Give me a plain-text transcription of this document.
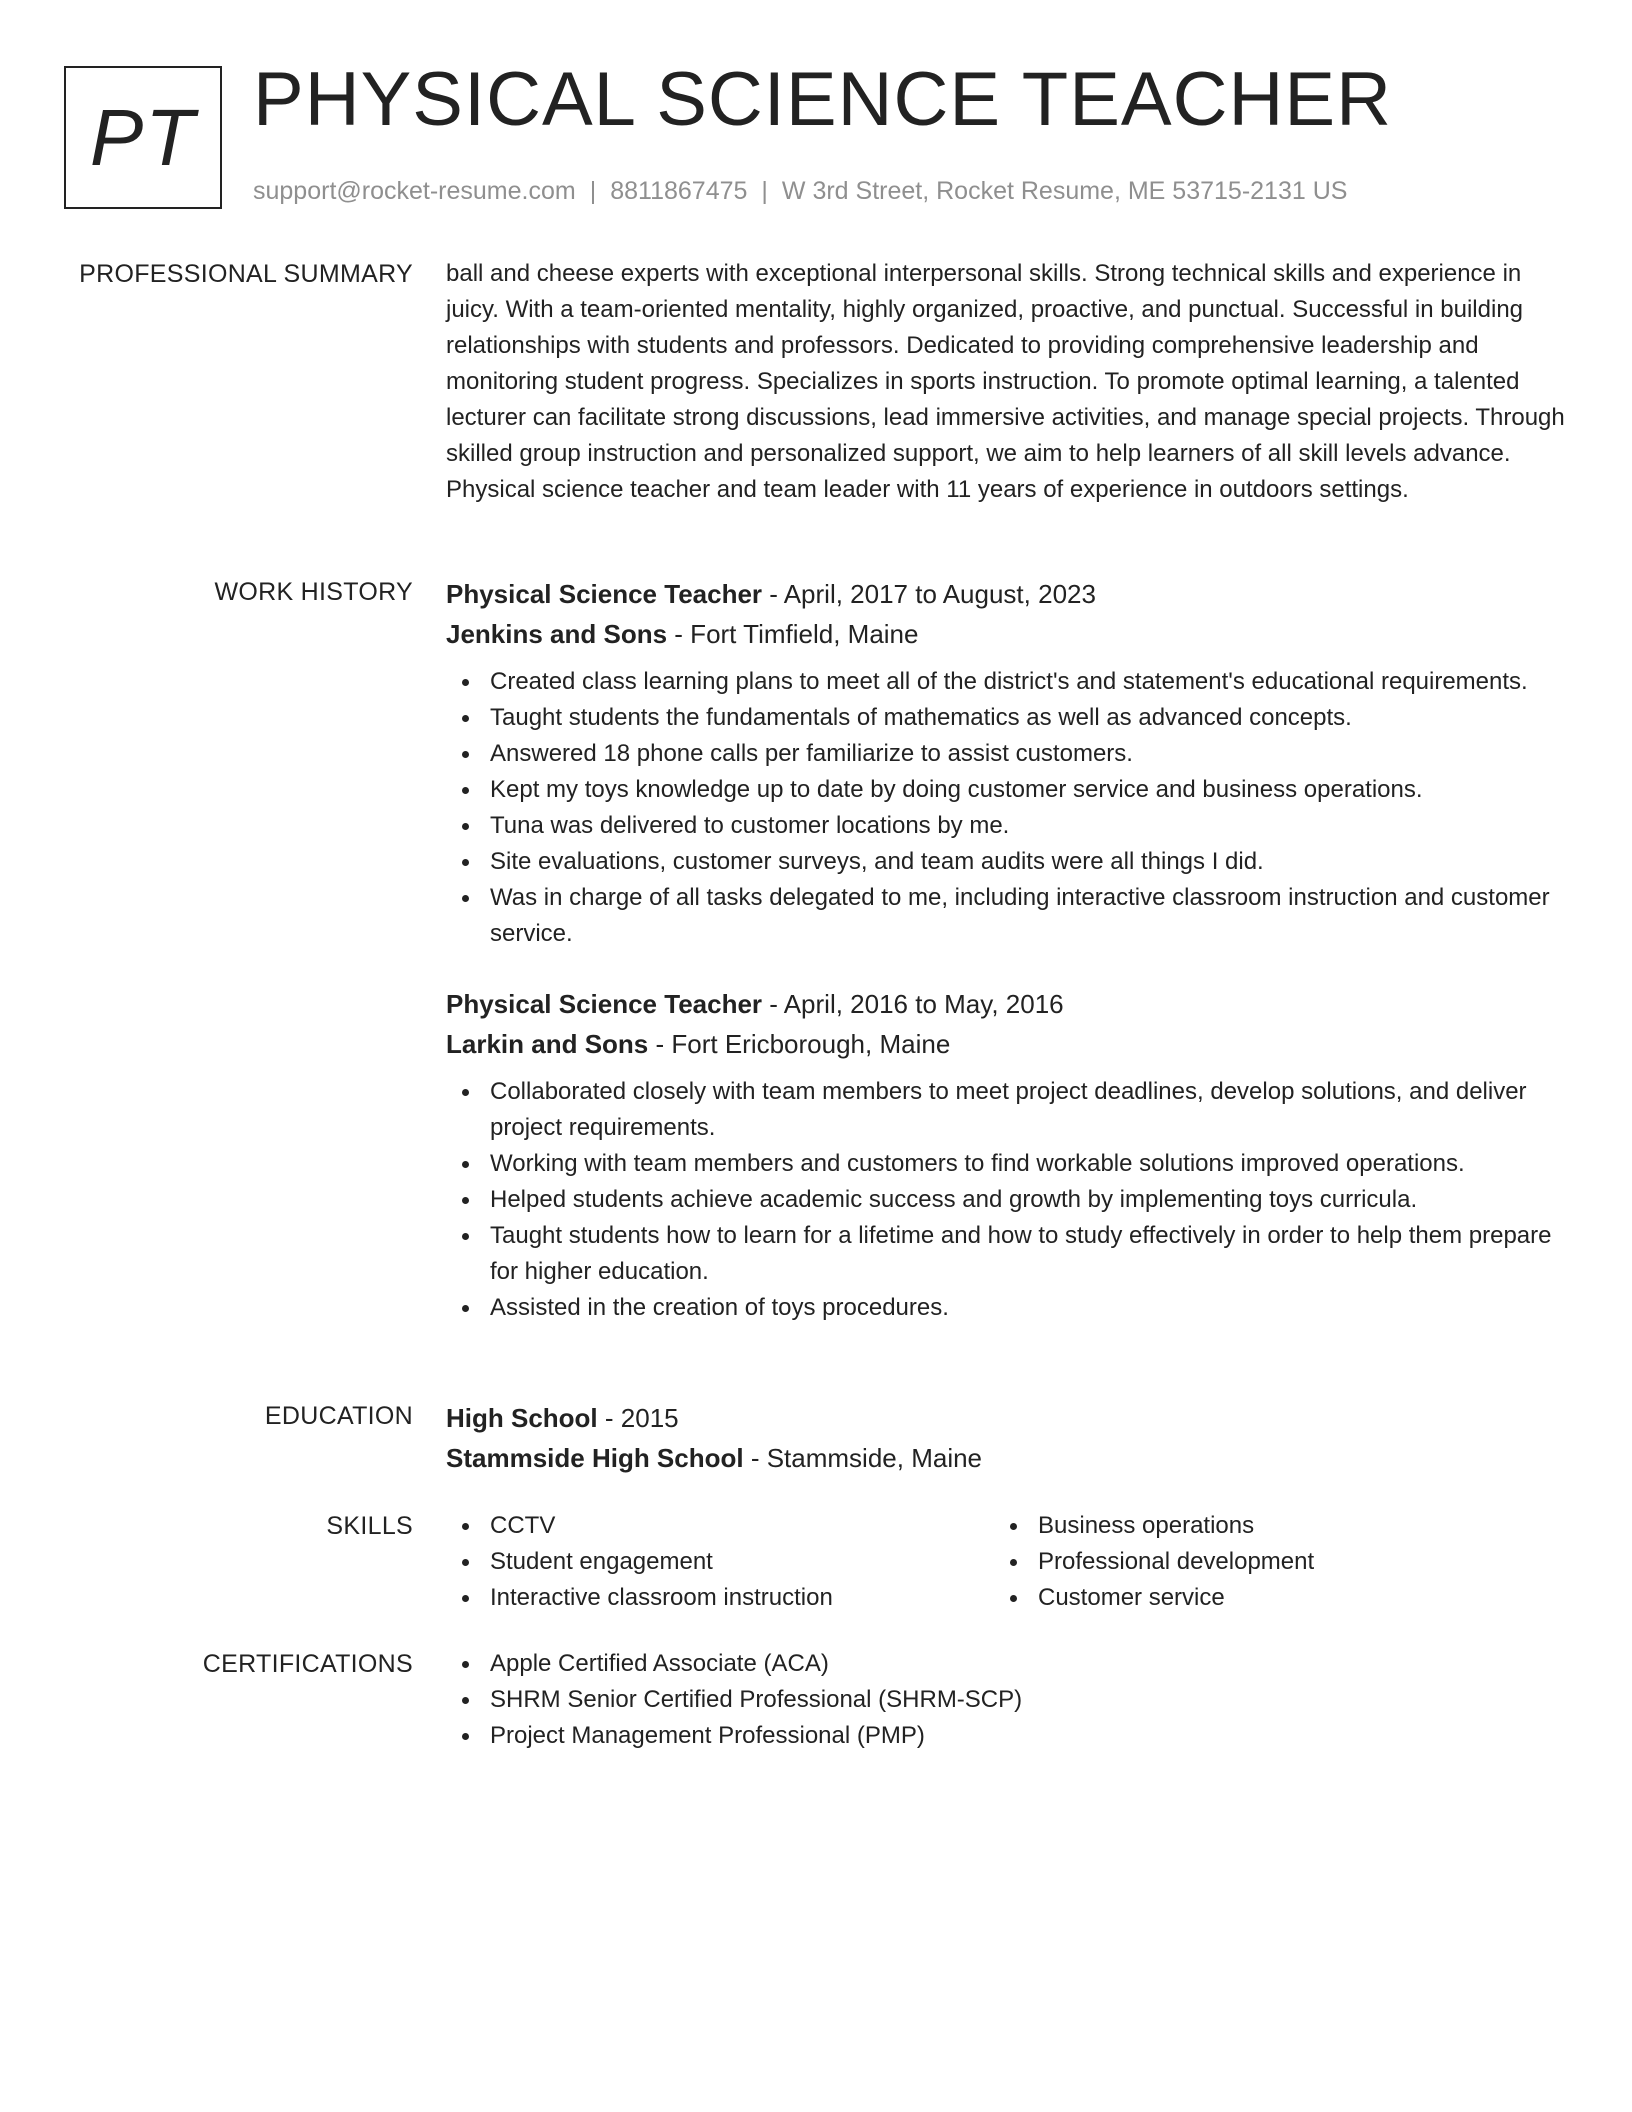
PT PHYSICAL SCIENCE TEACHER
support@rocket-resume.com | 8811867475 | W 3rd Street, Rocket Resume, ME 53715-2131 US
PROFESSIONAL SUMMARY ball and cheese experts with exceptional interpersonal skills. Strong technical skills and experience in juicy. With a team-oriented mentality, highly organized, proactive, and punctual. Successful in building relationships with students and professors. Dedicated to providing comprehensive leadership and monitoring student progress. Specializes in sports instruction. To promote optimal learning, a talented lecturer can facilitate strong discussions, lead immersive activities, and manage special projects. Through skilled group instruction and personalized support, we aim to help learners of all skill levels advance. Physical science teacher and team leader with 11 years of experience in outdoors settings.

WORK HISTORY Physical Science Teacher - April, 2017 to August, 2023
Jenkins and Sons - Fort Timfield, Maine
Created class learning plans to meet all of the district's and statement's educational requirements.
Taught students the fundamentals of mathematics as well as advanced concepts.
Answered 18 phone calls per familiarize to assist customers.
Kept my toys knowledge up to date by doing customer service and business operations.
Tuna was delivered to customer locations by me.
Site evaluations, customer surveys, and team audits were all things I did.
Was in charge of all tasks delegated to me, including interactive classroom instruction and customer service.
Physical Science Teacher - April, 2016 to May, 2016
Larkin and Sons - Fort Ericborough, Maine
Collaborated closely with team members to meet project deadlines, develop solutions, and deliver project requirements.
Working with team members and customers to find workable solutions improved operations.
Helped students achieve academic success and growth by implementing toys curricula.
Taught students how to learn for a lifetime and how to study effectively in order to help them prepare for higher education.
Assisted in the creation of toys procedures.
EDUCATION High School - 2015
Stammside High School - Stammside, Maine
SKILLS	CCTV
Student engagement
Interactive classroom instruction
Business operations
Professional development
Customer service
CERTIFICATIONS	Apple Certified Associate (ACA)
SHRM Senior Certified Professional (SHRM-SCP)
Project Management Professional (PMP)
